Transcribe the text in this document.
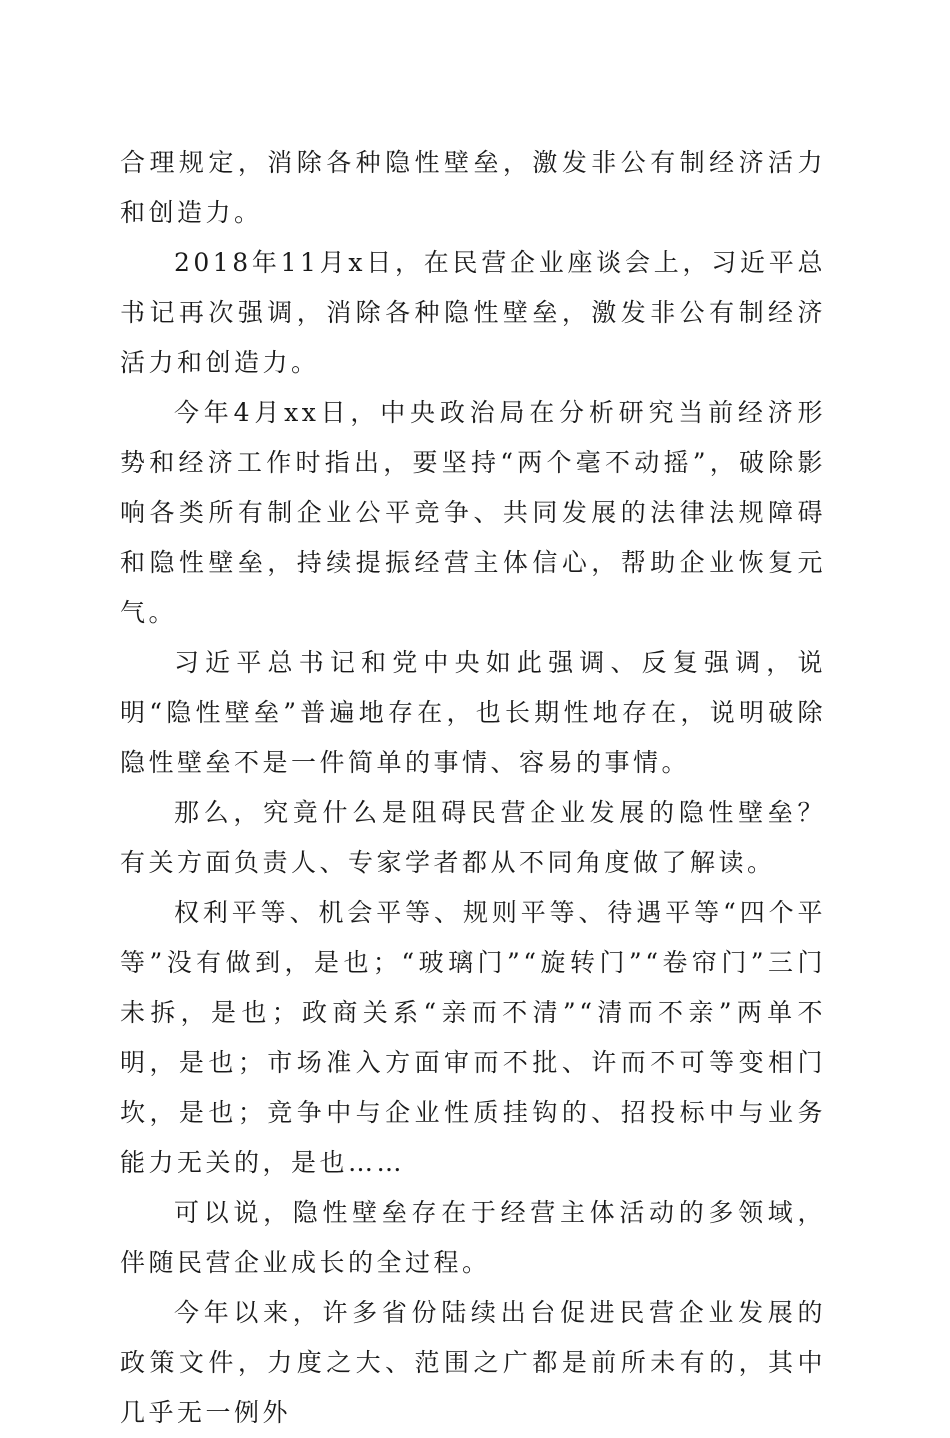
合理规定，消除各种隐性壁垒，激发非公有制经济活力和创造力。

2018年11月x日，在民营企业座谈会上，习近平总书记再次强调，消除各种隐性壁垒，激发非公有制经济活力和创造力。

今年4月xx日，中央政治局在分析研究当前经济形势和经济工作时指出，要坚持“两个毫不动摇”，破除影响各类所有制企业公平竞争、共同发展的法律法规障碍和隐性壁垒，持续提振经营主体信心，帮助企业恢复元气。

习近平总书记和党中央如此强调、反复强调，说明“隐性壁垒”普遍地存在，也长期性地存在，说明破除隐性壁垒不是一件简单的事情、容易的事情。

那么，究竟什么是阻碍民营企业发展的隐性壁垒？有关方面负责人、专家学者都从不同角度做了解读。

权利平等、机会平等、规则平等、待遇平等“四个平等”没有做到，是也；“玻璃门”“旋转门”“卷帘门”三门未拆，是也；政商关系“亲而不清”“清而不亲”两单不明，是也；市场准入方面审而不批、许而不可等变相门坎，是也；竞争中与企业性质挂钩的、招投标中与业务能力无关的，是也……

可以说，隐性壁垒存在于经营主体活动的多领域，伴随民营企业成长的全过程。

今年以来，许多省份陆续出台促进民营企业发展的政策文件，力度之大、范围之广都是前所未有的，其中几乎无一例外
